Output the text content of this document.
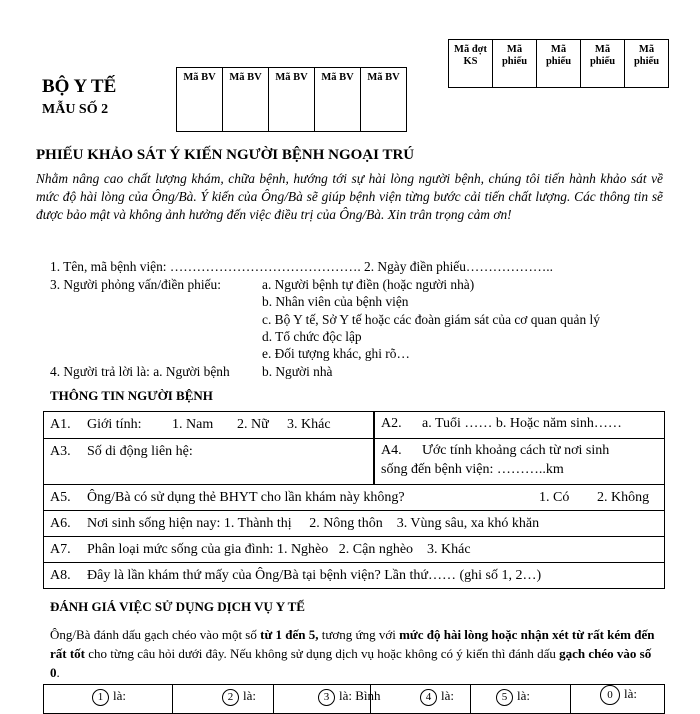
BỘ Y TẾ
MẪU SỐ 2
Mã BV	Mã BV	Mã BV	Mã BV	Mã BV
Mã đợt KS	Mã phiếu	Mã phiếu	Mã phiếu	Mã phiếu
PHIẾU KHẢO SÁT Ý KIẾN NGƯỜI BỆNH NGOẠI TRÚ
Nhằm nâng cao chất lượng khám, chữa bệnh, hướng tới sự hài lòng người bệnh, chúng tôi tiến hành khảo sát về mức độ hài lòng của Ông/Bà. Ý kiến của Ông/Bà sẽ giúp bệnh viện từng bước cải tiến chất lượng. Các thông tin sẽ được bảo mật và không ảnh hưởng đến việc điều trị của Ông/Bà. Xin trân trọng cảm ơn!
1. Tên, mã bệnh viện: ……………………………………. 2. Ngày điền phiếu………………..
3. Người phỏng vấn/điền phiếu:	a. Người bệnh tự điền (hoặc người nhà)
b. Nhân viên của bệnh viện
c. Bộ Y tế, Sở Y tế hoặc các đoàn giám sát của cơ quan quản lý
d. Tổ chức độc lập
e. Đối tượng khác, ghi rõ…
4. Người trả lời là: a. Người bệnh b. Người nhà
THÔNG TIN NGƯỜI BỆNH
A1. Giới tính: 1. Nam 2. Nữ 3. Khác	A2. a. Tuổi …… b. Hoặc năm sinh……
A3. Số di động liên hệ:	A4. Ước tính khoảng cách từ nơi sinh
sống đến bệnh viện: ………..km
A5. Ông/Bà có sử dụng thẻ BHYT cho lần khám này không?	1. Có 2. Không
A6. Nơi sinh sống hiện nay: 1. Thành thị     2. Nông thôn    3. Vùng sâu, xa khó khăn
A7. Phân loại mức sống của gia đình: 1. Nghèo   2. Cận nghèo    3. Khác
A8. Đây là lần khám thứ mấy của Ông/Bà tại bệnh viện? Lần thứ…… (ghi số 1, 2…)
ĐÁNH GIÁ VIỆC SỬ DỤNG DỊCH VỤ Y TẾ
Ông/Bà đánh dấu gạch chéo vào một số từ 1 đến 5, tương ứng với mức độ hài lòng hoặc nhận xét từ rất kém đến rất tốt cho từng câu hỏi dưới đây. Nếu không sử dụng dịch vụ hoặc không có ý kiến thì đánh dấu gạch chéo vào số 0.
1 là:	2 là:	3 là: Bình	4 là:	5 là:	0 là:
